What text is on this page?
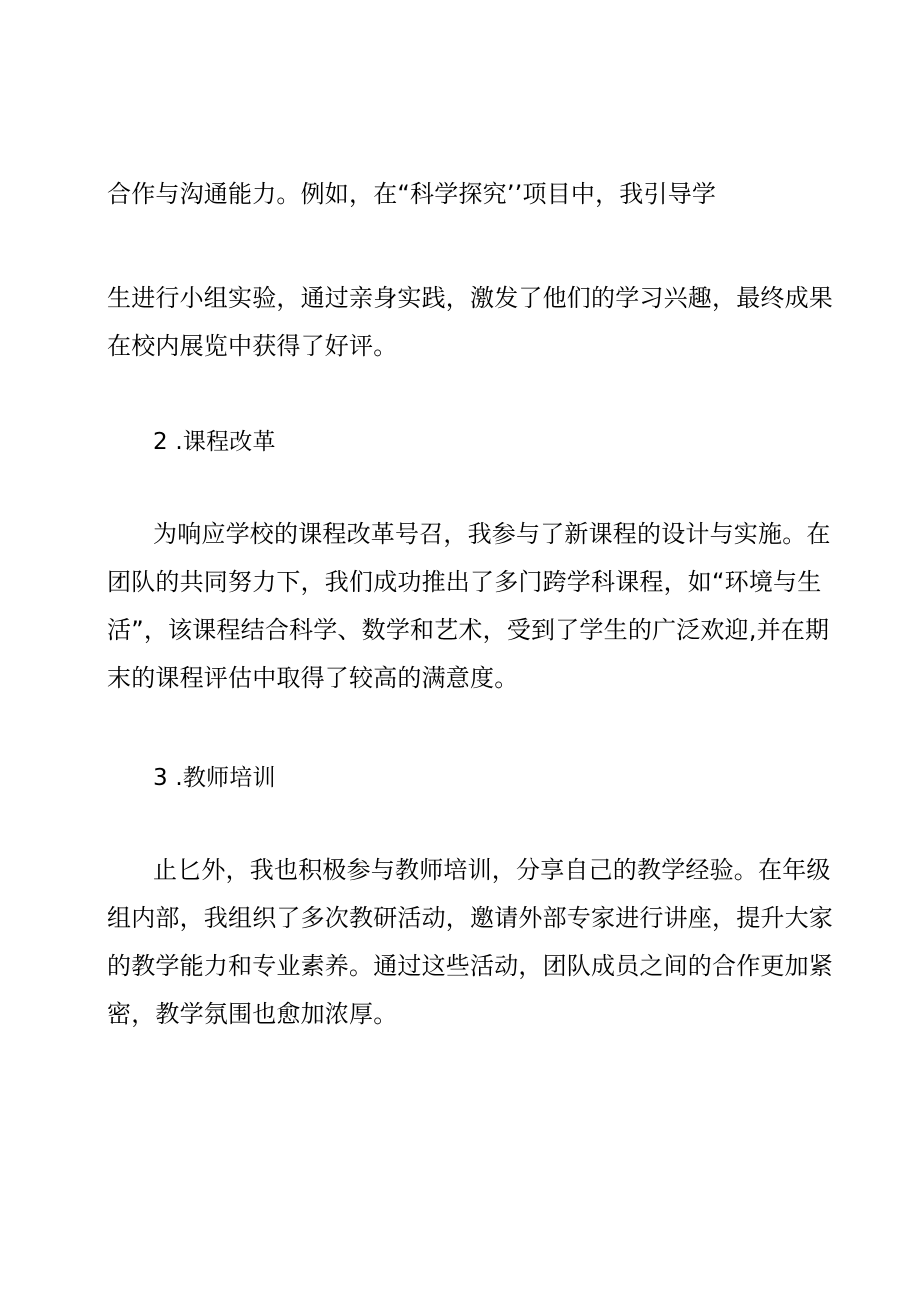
合作与沟通能力。例如，在“科学探究’’项目中，我引导学
生进行小组实验，通过亲身实践，激发了他们的学习兴趣，最终成果
在校内展览中获得了好评。
2 .课程改革
为响应学校的课程改革号召，我参与了新课程的设计与实施。在
团队的共同努力下，我们成功推出了多门跨学科课程，如“环境与生
活”，该课程结合科学、数学和艺术，受到了学生的广泛欢迎,并在期
末的课程评估中取得了较高的满意度。
3 .教师培训
止匕外，我也积极参与教师培训，分享自己的教学经验。在年级
组内部，我组织了多次教研活动，邀请外部专家进行讲座，提升大家
的教学能力和专业素养。通过这些活动，团队成员之间的合作更加紧
密，教学氛围也愈加浓厚。
